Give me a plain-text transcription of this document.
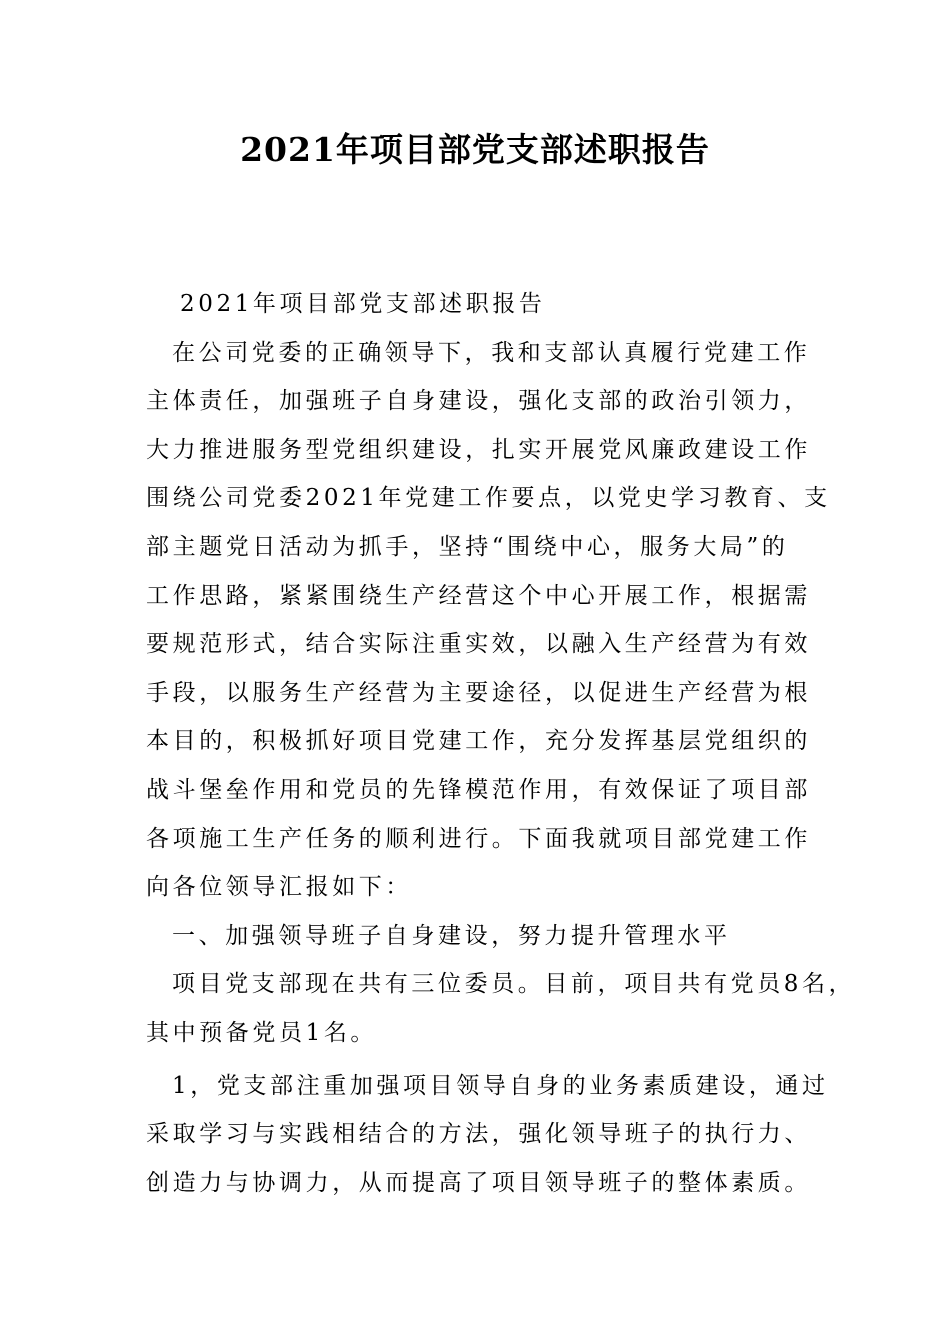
2021年项目部党支部述职报告
2021年项目部党支部述职报告
在公司党委的正确领导下，我和支部认真履行党建工作
主体责任，加强班子自身建设，强化支部的政治引领力，
大力推进服务型党组织建设，扎实开展党风廉政建设工作
围绕公司党委2021年党建工作要点，以党史学习教育、支
部主题党日活动为抓手，坚持“围绕中心，服务大局”的
工作思路，紧紧围绕生产经营这个中心开展工作，根据需
要规范形式，结合实际注重实效，以融入生产经营为有效
手段，以服务生产经营为主要途径，以促进生产经营为根
本目的，积极抓好项目党建工作，充分发挥基层党组织的
战斗堡垒作用和党员的先锋模范作用，有效保证了项目部
各项施工生产任务的顺利进行。下面我就项目部党建工作
向各位领导汇报如下：
一、加强领导班子自身建设，努力提升管理水平
项目党支部现在共有三位委员。目前，项目共有党员8名，
其中预备党员1名。
1，党支部注重加强项目领导自身的业务素质建设，通过
采取学习与实践相结合的方法，强化领导班子的执行力、
创造力与协调力，从而提高了项目领导班子的整体素质。
